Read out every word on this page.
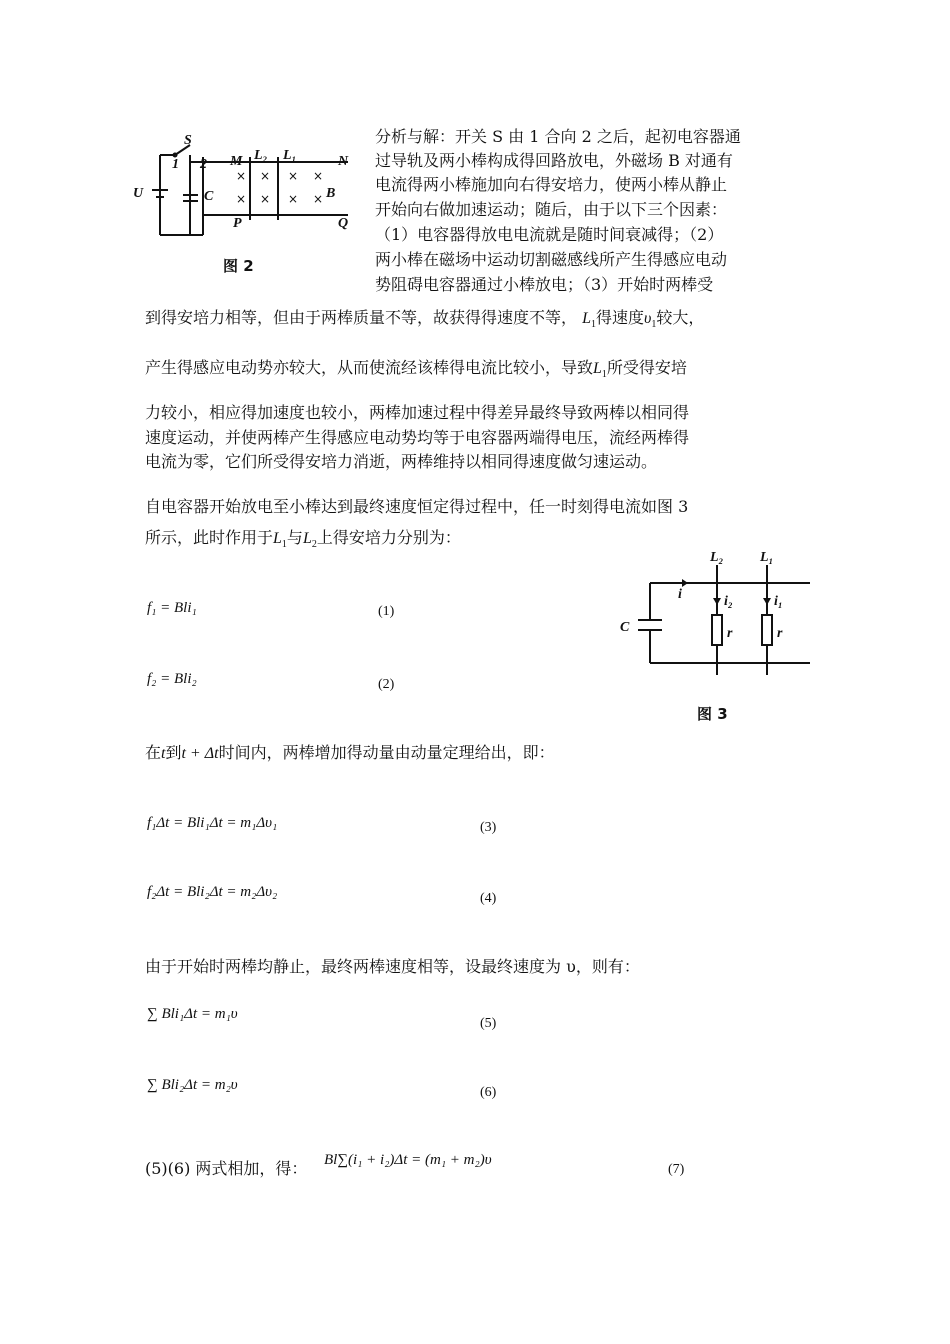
× × × ×
× × × ×
S
1 2
U	C
M L₂ L₁	N
B
P	Q
图 2
分析与解：开关 S 由 1 合向 2 之后，起初电容器通
过导轨及两小棒构成得回路放电，外磁场 B 对通有
电流得两小棒施加向右得安培力，使两小棒从静止
开始向右做加速运动；随后，由于以下三个因素：
（1）电容器得放电电流就是随时间衰减得；（2）
两小棒在磁场中运动切割磁感线所产生得感应电动
势阻碍电容器通过小棒放电；（3）开始时两棒受
到得安培力相等，但由于两棒质量不等，故获得得速度不等， $L_1$得速度$\upsilon_1$较大，
产生得感应电动势亦较大，从而使流经该棒得电流比较小，导致$L_1$所受得安培
力较小，相应得加速度也较小，两棒加速过程中得差异最终导致两棒以相同得
速度运动，并使两棒产生得感应电动势均等于电容器两端得电压，流经两棒得
电流为零，它们所受得安培力消逝，两棒维持以相同得速度做匀速运动。
自电容器开始放电至小棒达到最终速度恒定得过程中，任一时刻得电流如图 3
所示，此时作用于$L_1$与$L_2$上得安培力分别为：
C
i
L₂	L₁
i₂	i₁
r	r
图 3
f₁ = Bli₁	(1)
f₂ = Bli₂	(2)
在t到t + Δt时间内，两棒增加得动量由动量定理给出，即：
f₁Δt = Bli₁Δt = m₁Δυ₁	(3)
f₂Δt = Bli₂Δt = m₂Δυ₂	(4)
由于开始时两棒均静止，最终两棒速度相等，设最终速度为 υ，则有：
∑ Bli₁Δt = m₁υ
(5)
∑ Bli₂Δt = m₂υ	(6)
(5)(6) 两式相加，得： Bl∑(i₁ + i₂)Δt = (m₁ + m₂)υ
(7)
